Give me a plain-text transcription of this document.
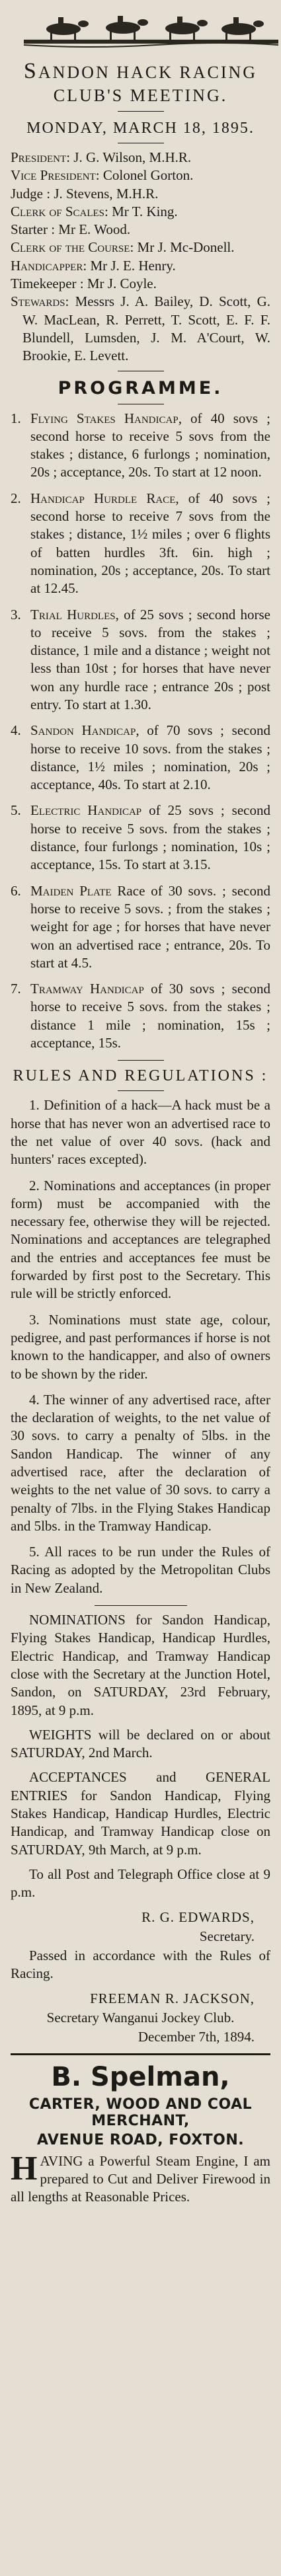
SANDON HACK RACING

CLUB'S MEETING.

MONDAY, MARCH 18, 1895.

President: J. G. Wilson, M.H.R.

Vice President: Colonel Gorton.

Judge : J. Stevens, M.H.R.

Clerk of Scales: Mr T. King.

Starter : Mr E. Wood.

Clerk of the Course: Mr J. Mc-Donell.

Handicapper: Mr J. E. Henry.

Timekeeper : Mr J. Coyle.

Stewards: Messrs J. A. Bailey, D. Scott, G. W. MacLean, R. Perrett, T. Scott, E. F. F. Blundell, Lumsden, J. M. A'Court, W. Brookie, E. Levett.

PROGRAMME.

1. Flying Stakes Handicap, of 40 sovs ; second horse to receive 5 sovs from the stakes ; distance, 6 furlongs ; nomination, 20s ; acceptance, 20s. To start at 12 noon.

2. Handicap Hurdle Race, of 40 sovs ; second horse to receive 7 sovs from the stakes ; distance, 1½ miles ; over 6 flights of batten hurdles 3ft. 6in. high ; nomination, 20s ; acceptance, 20s. To start at 12.45.

3. Trial Hurdles, of 25 sovs ; second horse to receive 5 sovs. from the stakes ; distance, 1 mile and a distance ; weight not less than 10st ; for horses that have never won any hurdle race ; entrance 20s ; post entry. To start at 1.30.

4. Sandon Handicap, of 70 sovs ; second horse to receive 10 sovs. from the stakes ; distance, 1½ miles ; nomination, 20s ; acceptance, 40s. To start at 2.10.

5. Electric Handicap of 25 sovs ; second horse to receive 5 sovs. from the stakes ; distance, four furlongs ; nomination, 10s ; acceptance, 15s. To start at 3.15.

6. Maiden Plate Race of 30 sovs. ; second horse to receive 5 sovs. ; from the stakes ; weight for age ; for horses that have never won an advertised race ; entrance, 20s. To start at 4.5.

7. Tramway Handicap of 30 sovs ; second horse to receive 5 sovs. from the stakes ; distance 1 mile ; nomination, 15s ; acceptance, 15s.

RULES AND REGULATIONS :

1. Definition of a hack—A hack must be a horse that has never won an advertised race to the net value of over 40 sovs. (hack and hunters' races excepted).

2. Nominations and acceptances (in proper form) must be accompanied with the necessary fee, otherwise they will be rejected. Nominations and acceptances are telegraphed and the entries and acceptances fee must be forwarded by first post to the Secretary. This rule will be strictly enforced.

3. Nominations must state age, colour, pedigree, and past performances if horse is not known to the handicapper, and also of owners to be shown by the rider.

4. The winner of any advertised race, after the declaration of weights, to the net value of 30 sovs. to carry a penalty of 5lbs. in the Sandon Handicap. The winner of any advertised race, after the declaration of weights to the net value of 30 sovs. to carry a penalty of 7lbs. in the Flying Stakes Handicap and 5lbs. in the Tramway Handicap.

5. All races to be run under the Rules of Racing as adopted by the Metropolitan Clubs in New Zealand.

NOMINATIONS for Sandon Handicap, Flying Stakes Handicap, Handicap Hurdles, Electric Handicap, and Tramway Handicap close with the Secretary at the Junction Hotel, Sandon, on SATURDAY, 23rd February, 1895, at 9 p.m.

WEIGHTS will be declared on or about SATURDAY, 2nd March.

ACCEPTANCES and GENERAL ENTRIES for Sandon Handicap, Flying Stakes Handicap, Handicap Hurdles, Electric Handicap, and Tramway Handicap close on SATURDAY, 9th March, at 9 p.m.

To all Post and Telegraph Office close at 9 p.m.

R. G. EDWARDS,

Secretary.

Passed in accordance with the Rules of Racing.

FREEMAN R. JACKSON,

Secretary Wanganui Jockey Club.

December 7th, 1894.

B. Spelman,

CARTER, WOOD AND COAL MERCHANT,

AVENUE ROAD, FOXTON.

HAVING a Powerful Steam Engine, I am prepared to Cut and Deliver Firewood in all lengths at Reasonable Prices.
